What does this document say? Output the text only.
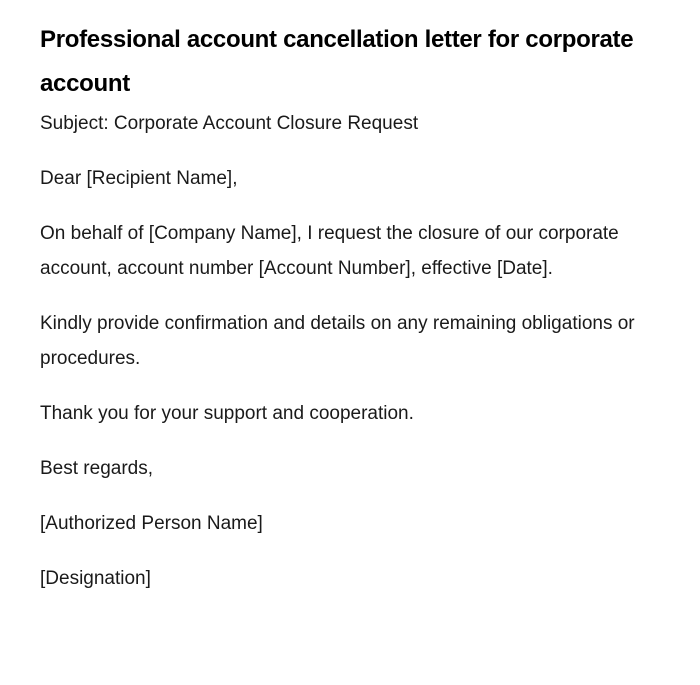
Professional account cancellation letter for corporate account

Subject: Corporate Account Closure Request

Dear [Recipient Name],

On behalf of [Company Name], I request the closure of our corporate account, account number [Account Number], effective [Date].

Kindly provide confirmation and details on any remaining obligations or procedures.

Thank you for your support and cooperation.

Best regards,

[Authorized Person Name]

[Designation]
